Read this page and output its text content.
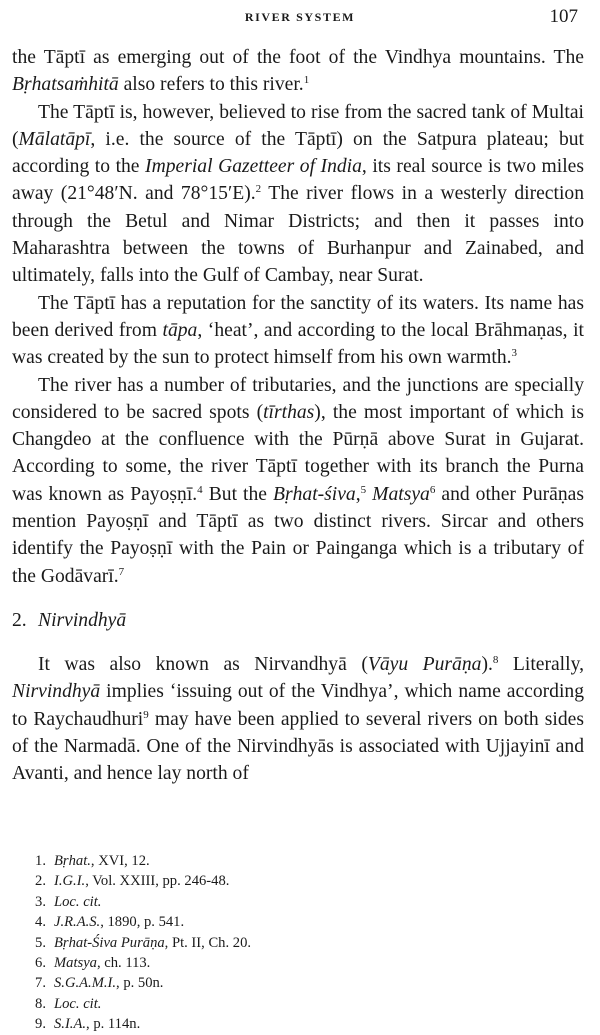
RIVER SYSTEM	107

the Tāptī as emerging out of the foot of the Vindhya mountains. The Bṛhatsaṁhitā also refers to this river.$^1$

The Tāptī is, however, believed to rise from the sacred tank of Multai (Mālatāpī, i.e. the source of the Tāptī) on the Satpura plateau; but according to the Imperial Gazetteer of India, its real source is two miles away (21°48′N. and 78°15′E).$^2$ The river flows in a westerly direction through the Betul and Nimar Districts; and then it passes into Maharashtra between the towns of Burhanpur and Zainabed, and ultimately, falls into the Gulf of Cambay, near Surat.

The Tāptī has a reputation for the sanctity of its waters. Its name has been derived from tāpa, ‘heat’, and according to the local Brāhmaṇas, it was created by the sun to protect himself from his own warmth.$^3$

The river has a number of tributaries, and the junctions are specially considered to be sacred spots (tīrthas), the most important of which is Changdeo at the confluence with the Pūrṇā above Surat in Gujarat. According to some, the river Tāptī together with its branch the Purna was known as Payoṣṇī.$^4$ But the Bṛhat-śiva,$^5$ Matsya$^6$ and other Purāṇas mention Payoṣṇī and Tāptī as two distinct rivers. Sircar and others identify the Payoṣṇī with the Pain or Painganga which is a tributary of the Godāvarī.$^7$

2. Nirvindhyā

It was also known as Nirvandhyā (Vāyu Purāṇa).$^8$ Literally, Nirvindhyā implies ‘issuing out of the Vindhya’, which name according to Raychaudhuri$^9$ may have been applied to several rivers on both sides of the Narmadā. One of the Nirvindhyās is associated with Ujjayinī and Avanti, and hence lay north of

1. Bṛhat., XVI, 12.
2. I.G.I., Vol. XXIII, pp. 246-48.
3. Loc. cit.
4. J.R.A.S., 1890, p. 541.
5. Bṛhat-Śiva Purāṇa, Pt. II, Ch. 20.
6. Matsya, ch. 113.
7. S.G.A.M.I., p. 50n.
8. Loc. cit.
9. S.I.A., p. 114n.
